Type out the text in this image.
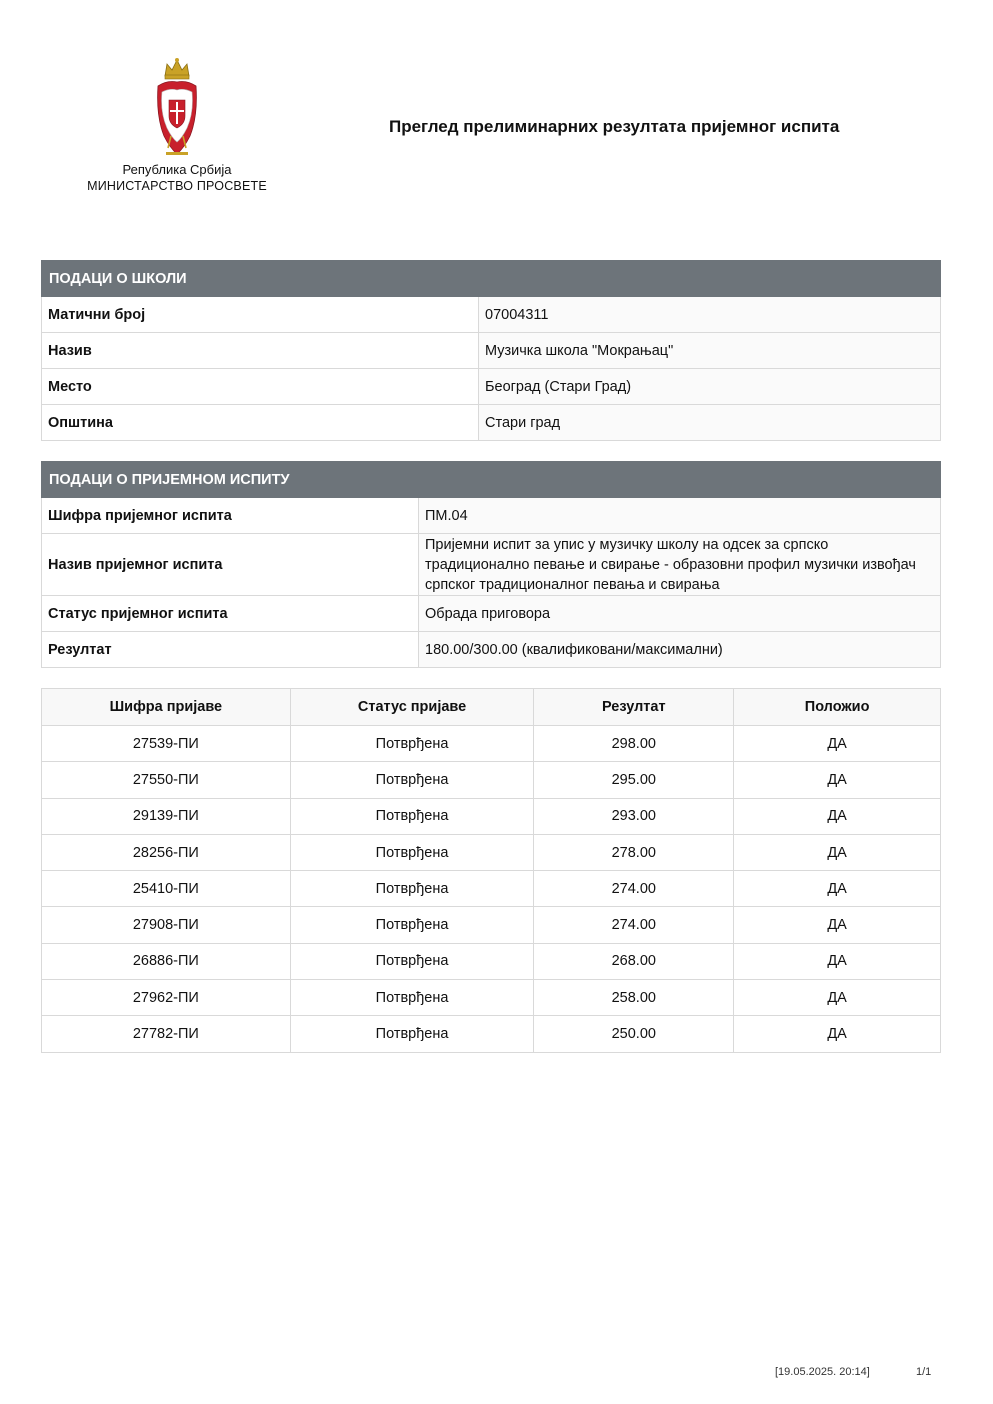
Република Србија
МИНИСТАРСТВО ПРОСВЕТЕ
Преглед прелиминарних резултата пријемног испита
ПОДАЦИ О ШКОЛИ	
Матични број	07004311
Назив	Музичка школа "Мокрањац"
Место	Београд (Стари Град)
Општина	Стари град
ПОДАЦИ О ПРИЈЕМНОМ ИСПИТУ	
Шифра пријемног испита	ПМ.04
Назив пријемног испита	Пријемни испит за упис у музичку школу на одсек за српско традиционално певање и свирање - образовни профил музички извођач српског традиционалног певања и свирања
Статус пријемног испита	Обрада приговора
Резултат	180.00/300.00 (квалификовани/максимални)
Шифра пријаве	Статус пријаве	Резултат	Положио
27539-ПИ	Потврђена	298.00	ДА
27550-ПИ	Потврђена	295.00	ДА
29139-ПИ	Потврђена	293.00	ДА
28256-ПИ	Потврђена	278.00	ДА
25410-ПИ	Потврђена	274.00	ДА
27908-ПИ	Потврђена	274.00	ДА
26886-ПИ	Потврђена	268.00	ДА
27962-ПИ	Потврђена	258.00	ДА
27782-ПИ	Потврђена	250.00	ДА
[19.05.2025. 20:14]	1/1
